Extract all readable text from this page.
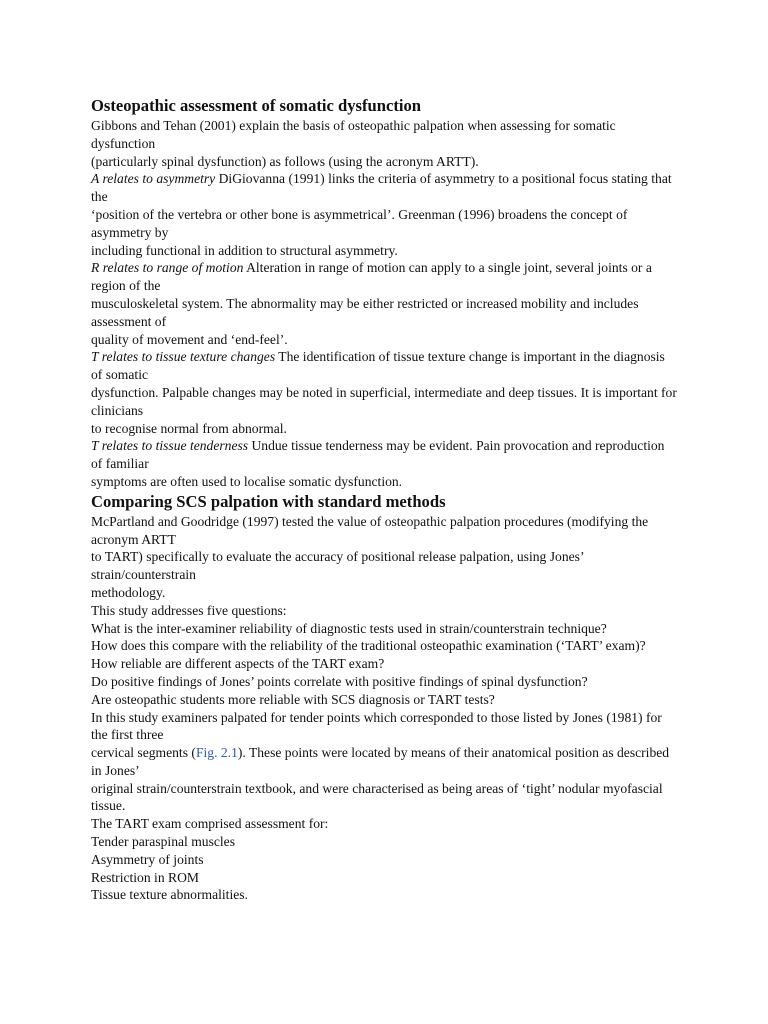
Osteopathic assessment of somatic dysfunction
Gibbons and Tehan (2001) explain the basis of osteopathic palpation when assessing for somatic dysfunction
(particularly spinal dysfunction) as follows (using the acronym ARTT).
A relates to asymmetry DiGiovanna (1991) links the criteria of asymmetry to a positional focus stating that the
‘position of the vertebra or other bone is asymmetrical’. Greenman (1996) broadens the concept of asymmetry by
including functional in addition to structural asymmetry.
R relates to range of motion Alteration in range of motion can apply to a single joint, several joints or a region of the
musculoskeletal system. The abnormality may be either restricted or increased mobility and includes assessment of
quality of movement and ‘end-feel’.
T relates to tissue texture changes The identification of tissue texture change is important in the diagnosis of somatic
dysfunction. Palpable changes may be noted in superficial, intermediate and deep tissues. It is important for clinicians
to recognise normal from abnormal.
T relates to tissue tenderness Undue tissue tenderness may be evident. Pain provocation and reproduction of familiar
symptoms are often used to localise somatic dysfunction.
Comparing SCS palpation with standard methods
McPartland and Goodridge (1997) tested the value of osteopathic palpation procedures (modifying the acronym ARTT
to TART) specifically to evaluate the accuracy of positional release palpation, using Jones’ strain/counterstrain
methodology.
This study addresses five questions:
What is the inter-examiner reliability of diagnostic tests used in strain/counterstrain technique?
How does this compare with the reliability of the traditional osteopathic examination (‘TART’ exam)?
How reliable are different aspects of the TART exam?
Do positive findings of Jones’ points correlate with positive findings of spinal dysfunction?
Are osteopathic students more reliable with SCS diagnosis or TART tests?
In this study examiners palpated for tender points which corresponded to those listed by Jones (1981) for the first three
cervical segments (Fig. 2.1). These points were located by means of their anatomical position as described in Jones’
original strain/counterstrain textbook, and were characterised as being areas of ‘tight’ nodular myofascial tissue.
The TART exam comprised assessment for:
Tender paraspinal muscles
Asymmetry of joints
Restriction in ROM
Tissue texture abnormalities.
